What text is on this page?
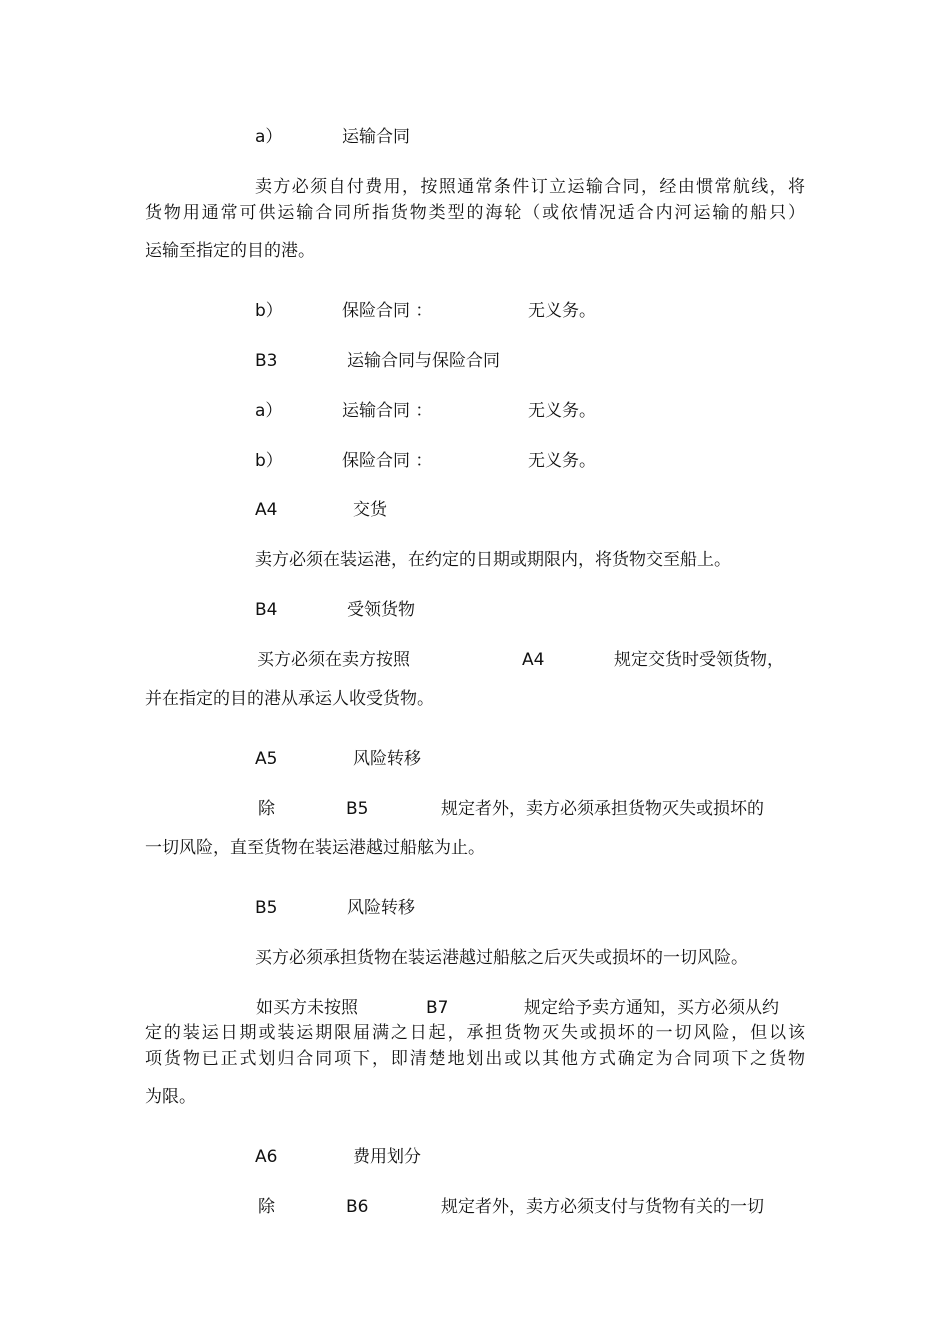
a）	运输合同
卖方必须自付费用，按照通常条件订立运输合同，经由惯常航线，将
货物用通常可供运输合同所指货物类型的海轮（或依情况适合内河运输的船只）
运输至指定的目的港。
b）	保险合同 ：	无义务。
B3	运输合同与保险合同
a）	运输合同 ：	无义务。
b）	保险合同 ：	无义务。
A4	交货
卖方必须在装运港，在约定的日期或期限内，将货物交至船上。
B4	受领货物
买方必须在卖方按照	A4	规定交货时受领货物，
并在指定的目的港从承运人收受货物。
A5	风险转移
除	B5	规定者外，卖方必须承担货物灭失或损坏的
一切风险，直至货物在装运港越过船舷为止。
B5	风险转移
买方必须承担货物在装运港越过船舷之后灭失或损坏的一切风险。
如买方未按照	B7	规定给予卖方通知，买方必须从约
定的装运日期或装运期限届满之日起，承担货物灭失或损坏的一切风险，但以该
项货物已正式划归合同项下，即清楚地划出或以其他方式确定为合同项下之货物
为限。
A6	费用划分
除	B6	规定者外，卖方必须支付与货物有关的一切
